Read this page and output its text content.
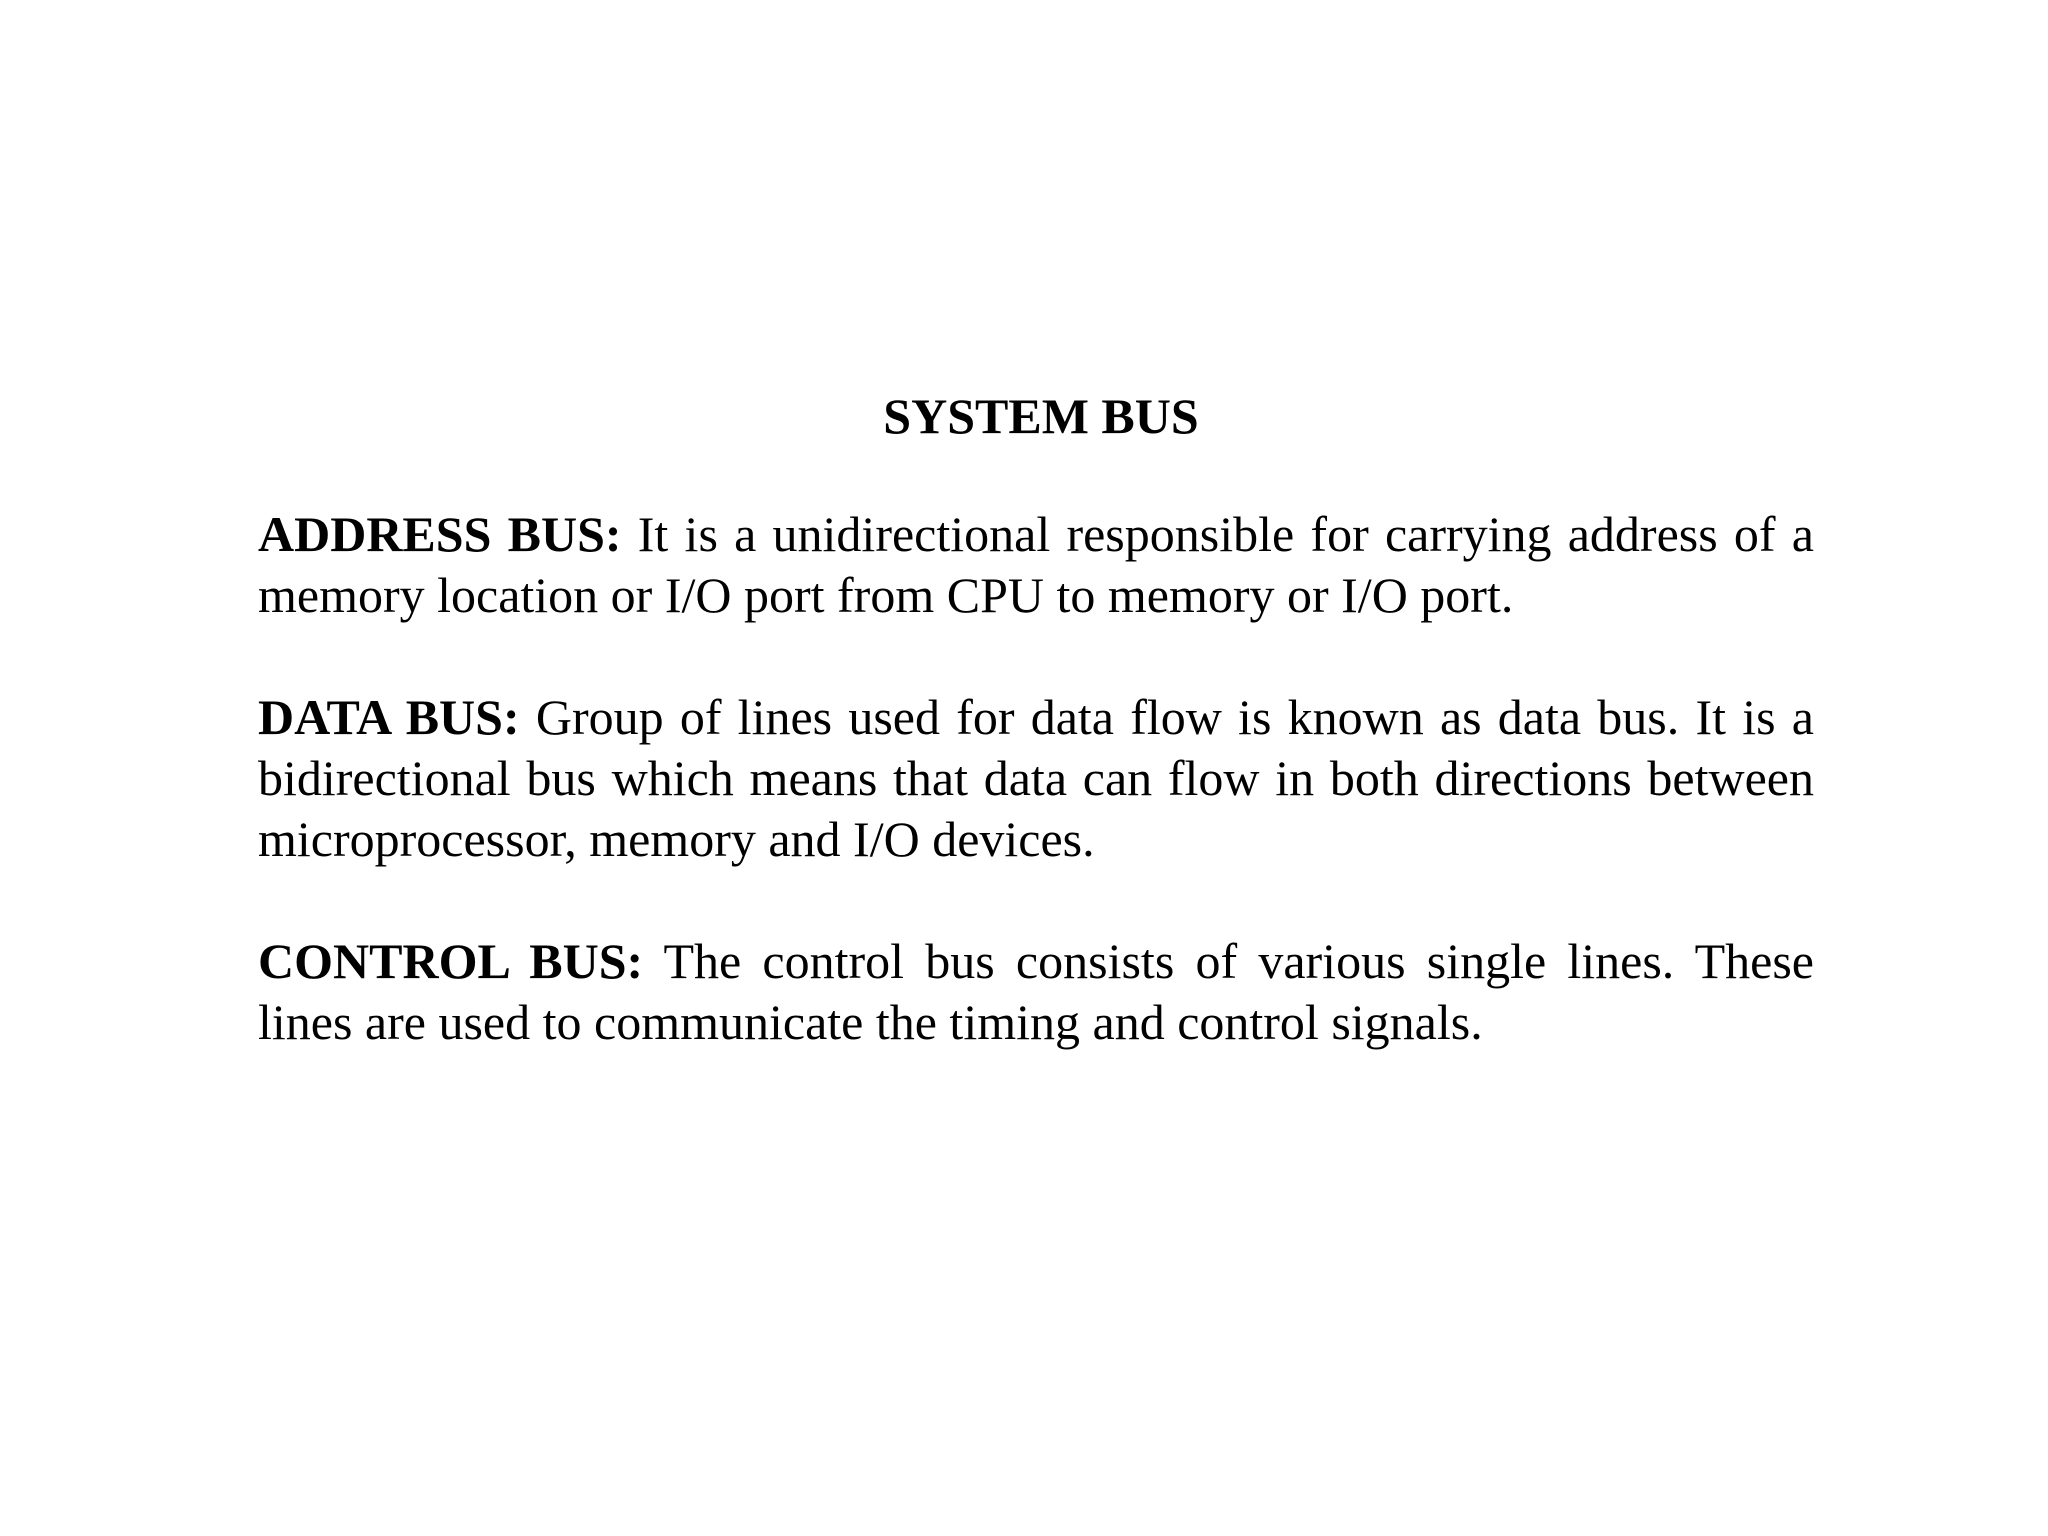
SYSTEM BUS

ADDRESS BUS: It is a unidirectional responsible for carrying address of a memory location or I/O port from CPU to memory or I/O port.

DATA BUS: Group of lines used for data flow is known as data bus. It is a bidirectional bus which means that data can flow in both directions between microprocessor, memory and I/O devices.

CONTROL BUS: The control bus consists of various single lines. These lines are used to communicate the timing and control signals.
